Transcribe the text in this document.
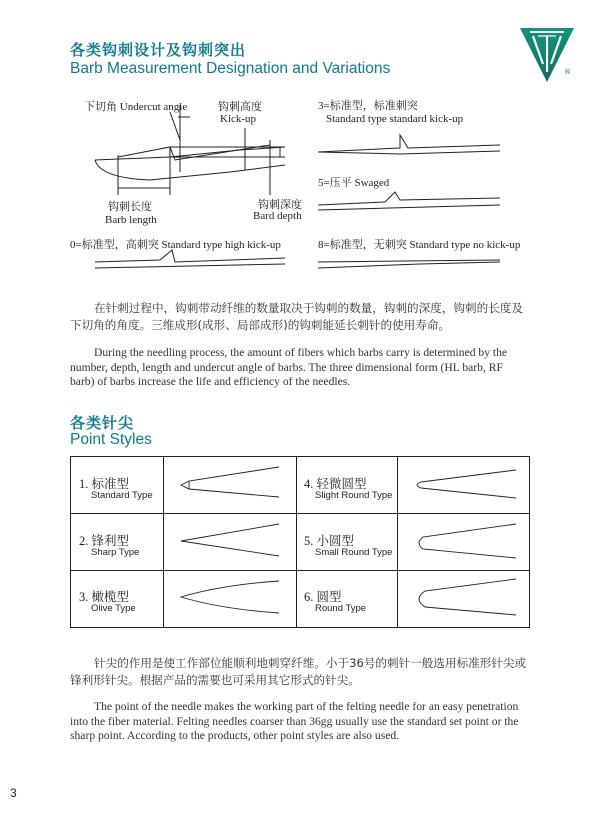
各类钩刺设计及钩刺突出
Barb Measurement Designation and Variations	®
下切角 Undercut angle	钩刺高度
Kick-up
钩刺长度
Barb length
钩刺深度
Bard depth
0=标准型，高刺突 Standard type high kick-up
3=标准型，标准刺突
Standard type standard kick-up
5=压平 Swaged
8=标准型，无刺突 Standard type no kick-up
在针刺过程中，钩刺带动纤维的数量取决于钩刺的数量，钩刺的深度，钩刺的长度及下切角的角度。三维成形(成形、局部成形)的钩刺能延长刺针的使用寿命。
During the needling process, the amount of fibers which barbs carry is determined by the number, depth, length and undercut angle of barbs. The three dimensional form (HL barb, RF barb) of barbs increase the life and efficiency of the needles.
各类针尖
Point Styles
1. 标准型
Standard Type
2. 锋利型
Sharp Type
3. 橄榄型
Olive Type
4. 轻微圆型
Slight Round Type
5. 小圆型
Small Round Type
6. 圆型
Round Type
针尖的作用是使工作部位能顺利地刺穿纤维。小于36号的刺针一般选用标准形针尖或锋利形针尖。根据产品的需要也可采用其它形式的针尖。
The point of the needle makes the working part of the felting needle for an easy penetration into the fiber material. Felting needles coarser than 36gg usually use the standard set point or the sharp point. According to the products, other point styles are also used.
3
